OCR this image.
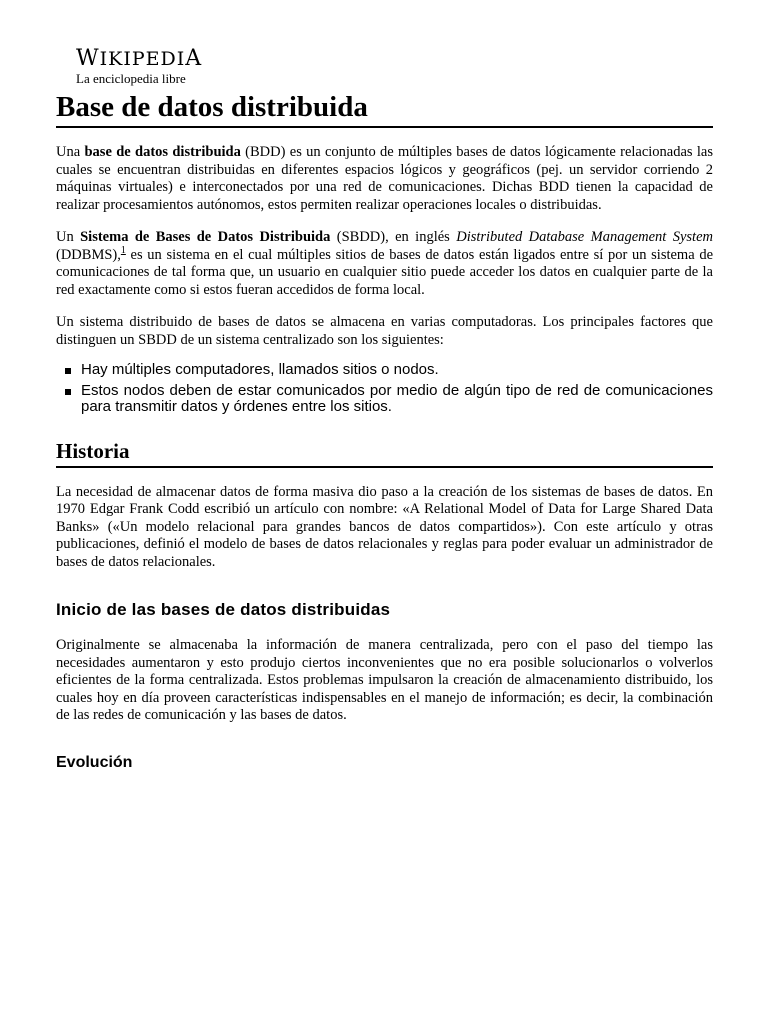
WIKIPEDIA
La enciclopedia libre
Base de datos distribuida

Una base de datos distribuida (BDD) es un conjunto de múltiples bases de datos lógicamente relacionadas las cuales se encuentran distribuidas en diferentes espacios lógicos y geográficos (pej. un servidor corriendo 2 máquinas virtuales) e interconectados por una red de comunicaciones. Dichas BDD tienen la capacidad de realizar procesamientos autónomos, estos permiten realizar operaciones locales o distribuidas.

Un Sistema de Bases de Datos Distribuida (SBDD), en inglés Distributed Database Management System (DDBMS),$^1$ es un sistema en el cual múltiples sitios de bases de datos están ligados entre sí por un sistema de comunicaciones de tal forma que, un usuario en cualquier sitio puede acceder los datos en cualquier parte de la red exactamente como si estos fueran accedidos de forma local.

Un sistema distribuido de bases de datos se almacena en varias computadoras. Los principales factores que distinguen un SBDD de un sistema centralizado son los siguientes:

Hay múltiples computadores, llamados sitios o nodos.
Estos nodos deben de estar comunicados por medio de algún tipo de red de comunicaciones para transmitir datos y órdenes entre los sitios.
Historia

La necesidad de almacenar datos de forma masiva dio paso a la creación de los sistemas de bases de datos. En 1970 Edgar Frank Codd escribió un artículo con nombre: «A Relational Model of Data for Large Shared Data Banks» («Un modelo relacional para grandes bancos de datos compartidos»). Con este artículo y otras publicaciones, definió el modelo de bases de datos relacionales y reglas para poder evaluar un administrador de bases de datos relacionales.

Inicio de las bases de datos distribuidas

Originalmente se almacenaba la información de manera centralizada, pero con el paso del tiempo las necesidades aumentaron y esto produjo ciertos inconvenientes que no era posible solucionarlos o volverlos eficientes de la forma centralizada. Estos problemas impulsaron la creación de almacenamiento distribuido, los cuales hoy en día proveen características indispensables en el manejo de información; es decir, la combinación de las redes de comunicación y las bases de datos.

Evolución
